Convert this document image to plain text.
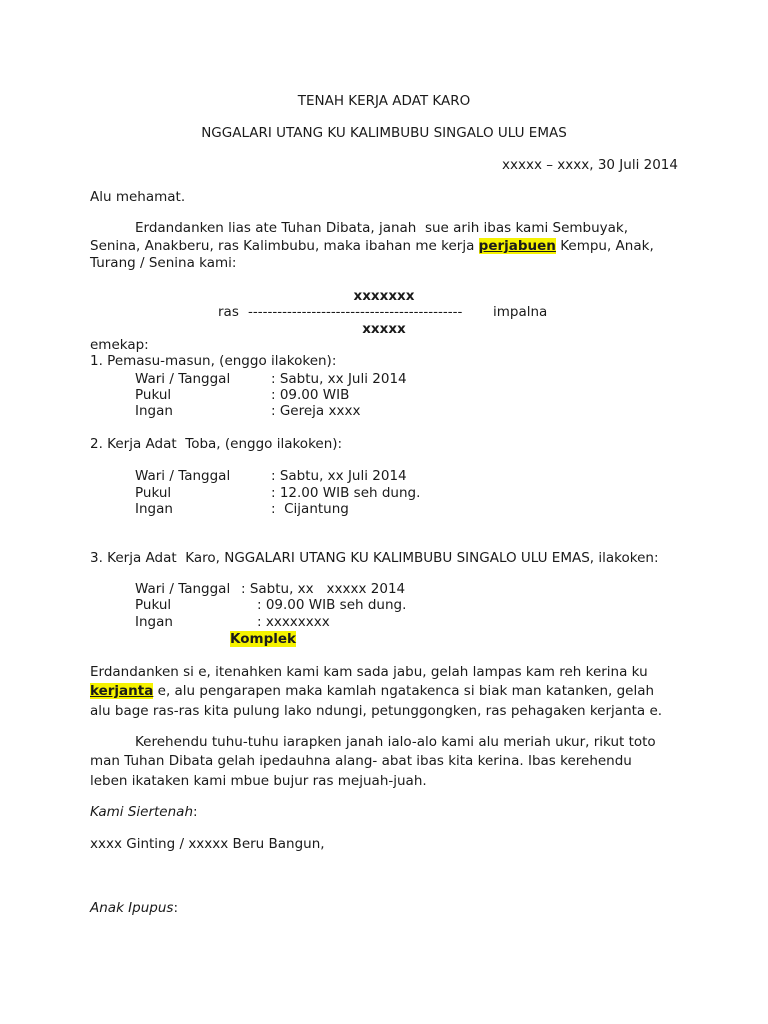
TENAH KERJA ADAT KARO
NGGALARI UTANG KU KALIMBUBU SINGALO ULU EMAS
xxxxx – xxxx, 30 Juli 2014
Alu mehamat.
Erdandanken lias ate Tuhan Dibata, janah  sue arih ibas kami Sembuyak,
Senina, Anakberu, ras Kalimbubu, maka ibahan me kerja perjabuen Kempu, Anak,
Turang / Senina kami:
xxxxxxx
ras -------------------------------------------- impalna
xxxxx
emekap:
1. Pemasu-masun, (enggo ilakoken):
Wari / Tanggal	: Sabtu, xx Juli 2014
Pukul	: 09.00 WIB
Ingan	: Gereja xxxx
2. Kerja Adat  Toba, (enggo ilakoken):
Wari / Tanggal	: Sabtu, xx Juli 2014
Pukul	: 12.00 WIB seh dung.
Ingan	:  Cijantung
3. Kerja Adat  Karo, NGGALARI UTANG KU KALIMBUBU SINGALO ULU EMAS, ilakoken:
Wari / Tanggal : Sabtu, xx   xxxxx 2014
Pukul	: 09.00 WIB seh dung.
Ingan	: xxxxxxxx
Komplek
Erdandanken si e, itenahken kami kam sada jabu, gelah lampas kam reh kerina ku
kerjanta e, alu pengarapen maka kamlah ngatakenca si biak man katanken, gelah
alu bage ras-ras kita pulung lako ndungi, petunggongken, ras pehagaken kerjanta e.
Kerehendu tuhu-tuhu iarapken janah ialo-alo kami alu meriah ukur, rikut toto
man Tuhan Dibata gelah ipedauhna alang- abat ibas kita kerina. Ibas kerehendu
leben ikataken kami mbue bujur ras mejuah-juah.
Kami Siertenah:
xxxx Ginting / xxxxx Beru Bangun,
Anak Ipupus:
